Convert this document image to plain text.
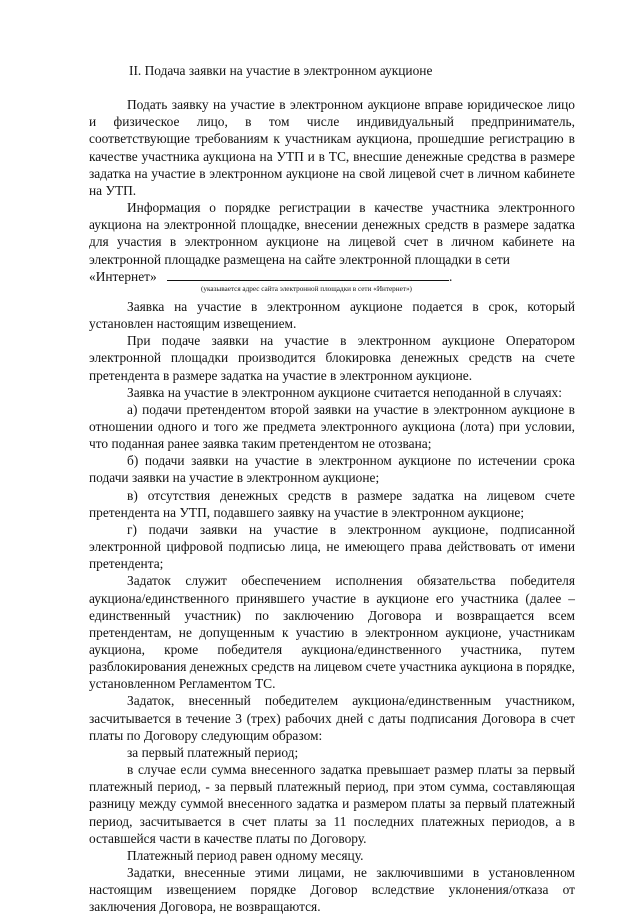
II. Подача заявки на участие в электронном аукционе

Подать заявку на участие в электронном аукционе вправе юридическое лицо и физическое лицо, в том числе индивидуальный предприниматель, соответствующие требованиям к участникам аукциона, прошедшие регистрацию в качестве участника аукциона на УТП и в ТС, внесшие денежные средства в размере задатка на участие в электронном аукционе на свой лицевой счет в личном кабинете на УТП.

Информация о порядке регистрации в качестве участника электронного аукциона на электронной площадке, внесении денежных средств в размере задатка для участия в электронном аукционе на лицевой счет в личном кабинете на электронной площадке размещена на сайте электронной площадки в сети

«Интернет»	.

(указывается адрес сайта электронной площадки в сети «Интернет»)

Заявка на участие в электронном аукционе подается в срок, который установлен настоящим извещением.

При подаче заявки на участие в электронном аукционе Оператором электронной площадки производится блокировка денежных средств на счете претендента в размере задатка на участие в электронном аукционе.

Заявка на участие в электронном аукционе считается неподанной в случаях:

а) подачи претендентом второй заявки на участие в электронном аукционе в отношении одного и того же предмета электронного аукциона (лота) при условии, что поданная ранее заявка таким претендентом не отозвана;

б) подачи заявки на участие в электронном аукционе по истечении срока подачи заявки на участие в электронном аукционе;

в) отсутствия денежных средств в размере задатка на лицевом счете претендента на УТП, подавшего заявку на участие в электронном аукционе;

г) подачи заявки на участие в электронном аукционе, подписанной электронной цифровой подписью лица, не имеющего права действовать от имени претендента;

Задаток служит обеспечением исполнения обязательства победителя аукциона/единственного принявшего участие в аукционе его участника (далее – единственный участник) по заключению Договора и возвращается всем претендентам, не допущенным к участию в электронном аукционе, участникам аукциона, кроме победителя аукциона/единственного участника, путем разблокирования денежных средств на лицевом счете участника аукциона в порядке, установленном Регламентом ТС.

Задаток, внесенный победителем аукциона/единственным участником, засчитывается в течение 3 (трех) рабочих дней с даты подписания Договора в счет платы по Договору следующим образом:

за первый платежный период;

в случае если сумма внесенного задатка превышает размер платы за первый платежный период, - за первый платежный период, при этом сумма, составляющая разницу между суммой внесенного задатка и размером платы за первый платежный период, засчитывается в счет платы за 11 последних платежных периодов, а в оставшейся части в качестве платы по Договору.

Платежный период равен одному месяцу.

Задатки, внесенные этими лицами, не заключившими в установленном настоящим извещением порядке Договор вследствие уклонения/отказа от заключения Договора, не возвращаются.
